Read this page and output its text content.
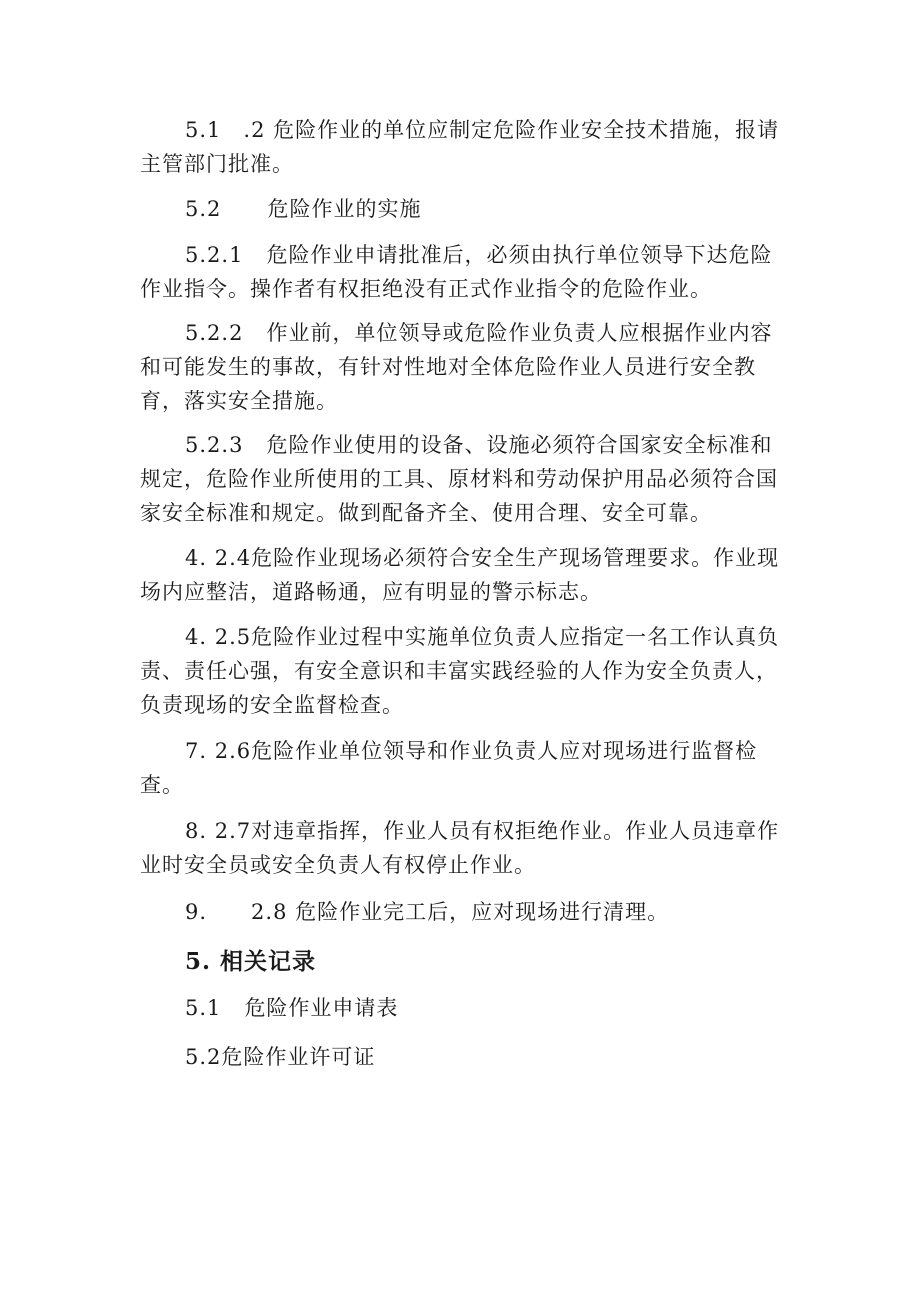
5.1　.2 危险作业的单位应制定危险作业安全技术措施，报请主管部门批准。

5.2 危险作业的实施

5.2.1 危险作业申请批准后，必须由执行单位领导下达危险作业指令。操作者有权拒绝没有正式作业指令的危险作业。

5.2.2 作业前，单位领导或危险作业负责人应根据作业内容和可能发生的事故，有针对性地对全体危险作业人员进行安全教育，落实安全措施。

5.2.3 危险作业使用的设备、设施必须符合国家安全标准和规定，危险作业所使用的工具、原材料和劳动保护用品必须符合国家安全标准和规定。做到配备齐全、使用合理、安全可靠。

4. 2.4危险作业现场必须符合安全生产现场管理要求。作业现场内应整洁，道路畅通，应有明显的警示标志。

4. 2.5危险作业过程中实施单位负责人应指定一名工作认真负责、责任心强，有安全意识和丰富实践经验的人作为安全负责人，负责现场的安全监督检查。

7. 2.6危险作业单位领导和作业负责人应对现场进行监督检查。

8. 2.7对违章指挥，作业人员有权拒绝作业。作业人员违章作业时安全员或安全负责人有权停止作业。

9.　　2.8 危险作业完工后，应对现场进行清理。

5. 相关记录

5.1 危险作业申请表

5.2危险作业许可证
